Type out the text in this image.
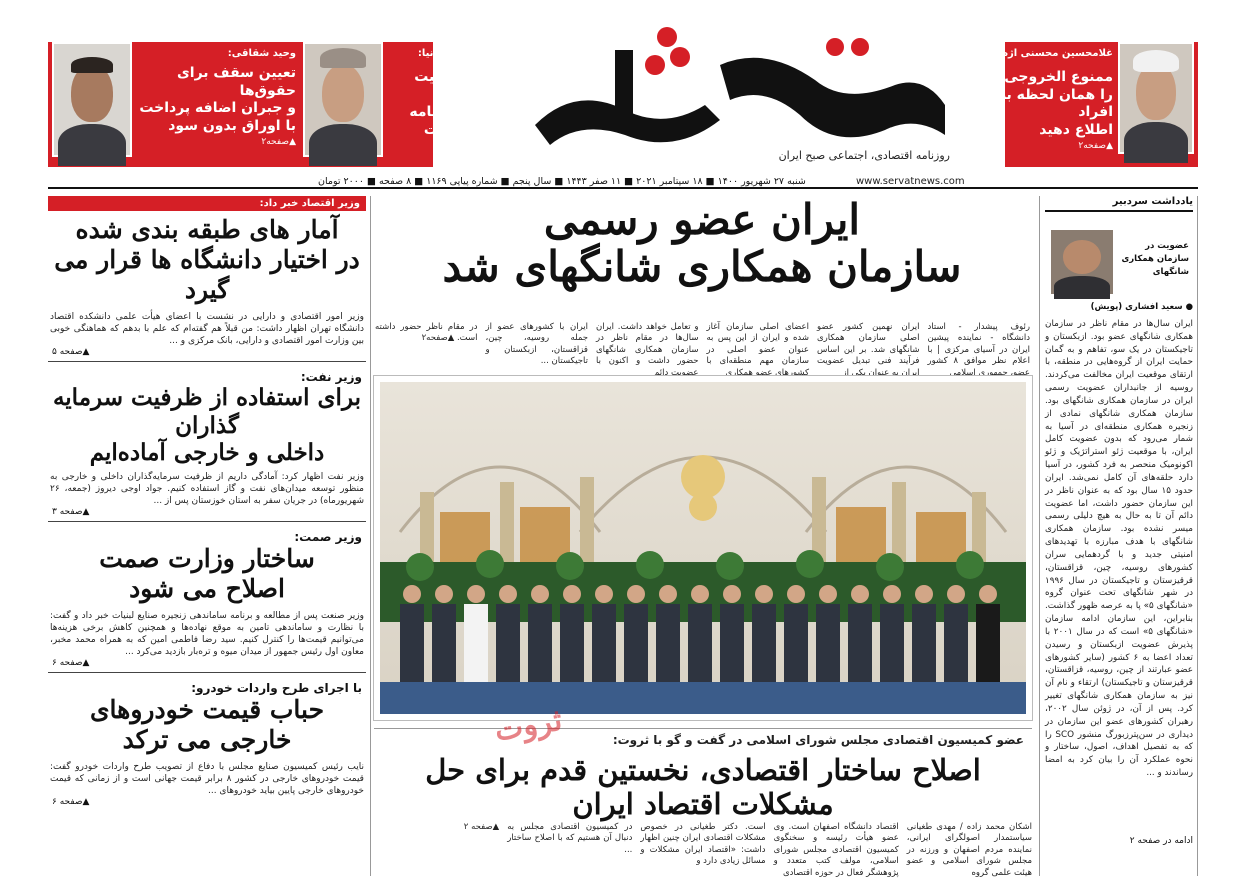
روزنامه اقتصادی، اجتماعی صبح ایران
www.servatnews.com
شنبه ۲۷ شهریور ۱۴۰۰ ■ ۱۸ سپتامبر ۲۰۲۱ ■ ۱۱ صفر ۱۴۴۳ ■ سال پنجم ■ شماره پیاپی ۱۱۶۹ ■ ۸ صفحه ■ ۲۰۰۰ تومان
غلامحسین محسنی اژه‌ای:
ممنوع الخروجی
را همان لحظه به افراد
اطلاع دهید
▲صفحه۲
محسن صالحی‌نیا:
تغییر ظرفیت تولید
خودرو، برنامه
جدید وزارت صمت
▲صفحه۶
وحید شقاقی:
تعیین سقف برای حقوق‌ها
و جبران اضافه پرداخت
با اوراق بدون سود
▲صفحه۲
وزیر اقتصاد خبر داد:
آمار های طبقه بندی شده
در اختیار دانشگاه ها قرار می گیرد
وزیر امور اقتصادی و دارایی در نشست با اعضای هیأت علمی دانشکده اقتصاد دانشگاه تهران اظهار داشت: من قبلاً هم گفته‌ام که علم با بدهم که هماهنگی خوبی بین وزارت امور اقتصادی و دارایی، بانک مرکزی و ...
▲صفحه ۵
وزیر نفت:
برای استفاده از ظرفیت سرمایه گذاران
داخلی و خارجی آماده‌ایم
وزیر نفت اظهار کرد: آمادگی داریم از ظرفیت سرمایه‌گذاران داخلی و خارجی به منظور توسعه میدان‌های نفت و گاز استفاده کنیم. جواد اوجی دیروز (جمعه، ۲۶ شهریورماه) در جریان سفر به استان خوزستان پس از ...
▲صفحه ۳
وزیر صمت:
ساختار وزارت صمت
اصلاح می شود
وزیر صنعت پس از مطالعه و برنامه ساماندهی زنجیره صنایع لبنیات خبر داد و گفت: با نظارت و ساماندهی تامین به موقع نهاده‌ها و همچنین کاهش برخی هزینه‌ها می‌توانیم قیمت‌ها را کنترل کنیم. سید رضا فاطمی امین که به همراه محمد مخبر، معاون اول رئیس جمهور از میدان میوه و تره‌بار بازدید می‌کرد ...
▲صفحه ۶
با اجرای طرح واردات خودرو:
حباب قیمت خودروهای
خارجی می ترکد
نایب رئیس کمیسیون صنایع مجلس با دفاع از تصویب طرح واردات خودرو گفت: قیمت خودروهای خارجی در کشور ۸ برابر قیمت جهانی است و از زمانی که قیمت خودروهای خارجی پایین بیاید خودروهای ...
▲صفحه ۶
ایران عضو رسمی
سازمان همکاری شانگهای شد
رئوف پیشدار - استاد دانشگاه - نماینده پیشین ایران در آسیای مرکزی | با اعلام نظر موافق ۸ کشور عضو، جمهوری اسلامی
ایران نهمین کشور عضو اصلی سازمان همکاری شانگهای شد. بر این اساس فرآیند فنی تبدیل عضویت ایران به عنوان یکی از
اعضای اصلی سازمان آغاز شده و ایران از این پس به عنوان عضو اصلی در سازمان مهم منطقه‌ای با کشورهای عضو همکاری
و تعامل خواهد داشت. ایران سال‌ها در مقام ناظر در سازمان همکاری شانگهای حضور داشت و اکنون با عضویت دائم
ایران با کشورهای عضو از جمله روسیه، چین، قزاقستان، ازبکستان و تاجیکستان ...
در مقام ناظر حضور داشته است. ▲صفحه۲
عضو کمیسیون اقتصادی مجلس شورای اسلامی در گفت و گو با ثروت:
اصلاح ساختار اقتصادی، نخستین قدم برای حل مشکلات اقتصاد ایران
اشکان محمد زاده / مهدی طغیانی سیاستمدار اصولگرای ایرانی، نماینده مردم اصفهان و ورزنه در مجلس شورای اسلامی و عضو هیئت علمی گروه
اقتصاد دانشگاه اصفهان است. وی عضو هیأت رئیسه و سخنگوی کمیسیون اقتصادی مجلس شورای اسلامی، مولف کتب متعدد و پژوهشگر فعال در حوزه اقتصادی
است. دکتر طغیانی در خصوص مشکلات اقتصادی ایران چنین اظهار داشت: «اقتصاد ایران مشکلات و مسائل زیادی دارد و
در کمیسیون اقتصادی مجلس به دنبال آن هستیم که با اصلاح ساختار ...
▲صفحه ۲
ثروت
یادداشت سردبیر
عضویت در سازمان همکاری شانگهای
● سعید افشاری (پویش)
ایران سال‌ها در مقام ناظر در سازمان همکاری شانگهای عضو بود. ازبکستان و تاجیکستان در یک سو، تفاهم و به گمان حمایت ایران از گروه‌هایی در منطقه، با ارتقای موقعیت ایران مخالفت می‌کردند. روسیه از جانبداران عضویت رسمی ایران در سازمان همکاری شانگهای بود. سازمان همکاری شانگهای نمادی از زنجیره همکاری منطقه‌ای در آسیا به شمار می‌رود که بدون عضویت کامل ایران، با موقعیت ژئو استراتژیک و ژئو اکونومیک منحصر به فرد کشور، در آسیا دارد حلقه‌های آن کامل نمی‌شد. ایران حدود ۱۵ سال بود که به عنوان ناظر در این سازمان حضور داشت، اما عضویت دائم آن تا به حال به هیچ دلیلی رسمی میسر نشده بود. سازمان همکاری شانگهای با هدف مبارزه با تهدیدهای امنیتی جدید و با گردهمایی سران کشورهای روسیه، چین، قزاقستان، قرقیزستان و تاجیکستان در سال ۱۹۹۶ در شهر شانگهای تحت عنوان گروه «شانگهای ۵» پا به عرصه ظهور گذاشت. بنابراین، این سازمان ادامه سازمان «شانگهای ۵» است که در سال ۲۰۰۱ با پذیرش عضویت ازبکستان و رسیدن تعداد اعضا به ۶ کشور (سایر کشورهای عضو عبارتند از چین، روسیه، قزاقستان، قرقیزستان و تاجیکستان) ارتقاء و نام آن نیز به سازمان همکاری شانگهای تغییر کرد. پس از آن، در ژوئن سال ۲۰۰۲، رهبران کشورهای عضو این سازمان در دیداری در سن‌پترزبورگ منشور SCO را که به تفصیل اهداف، اصول، ساختار و نحوه عملکرد آن را بیان کرد به امضا رساندند و ...
ادامه در صفحه ۲
